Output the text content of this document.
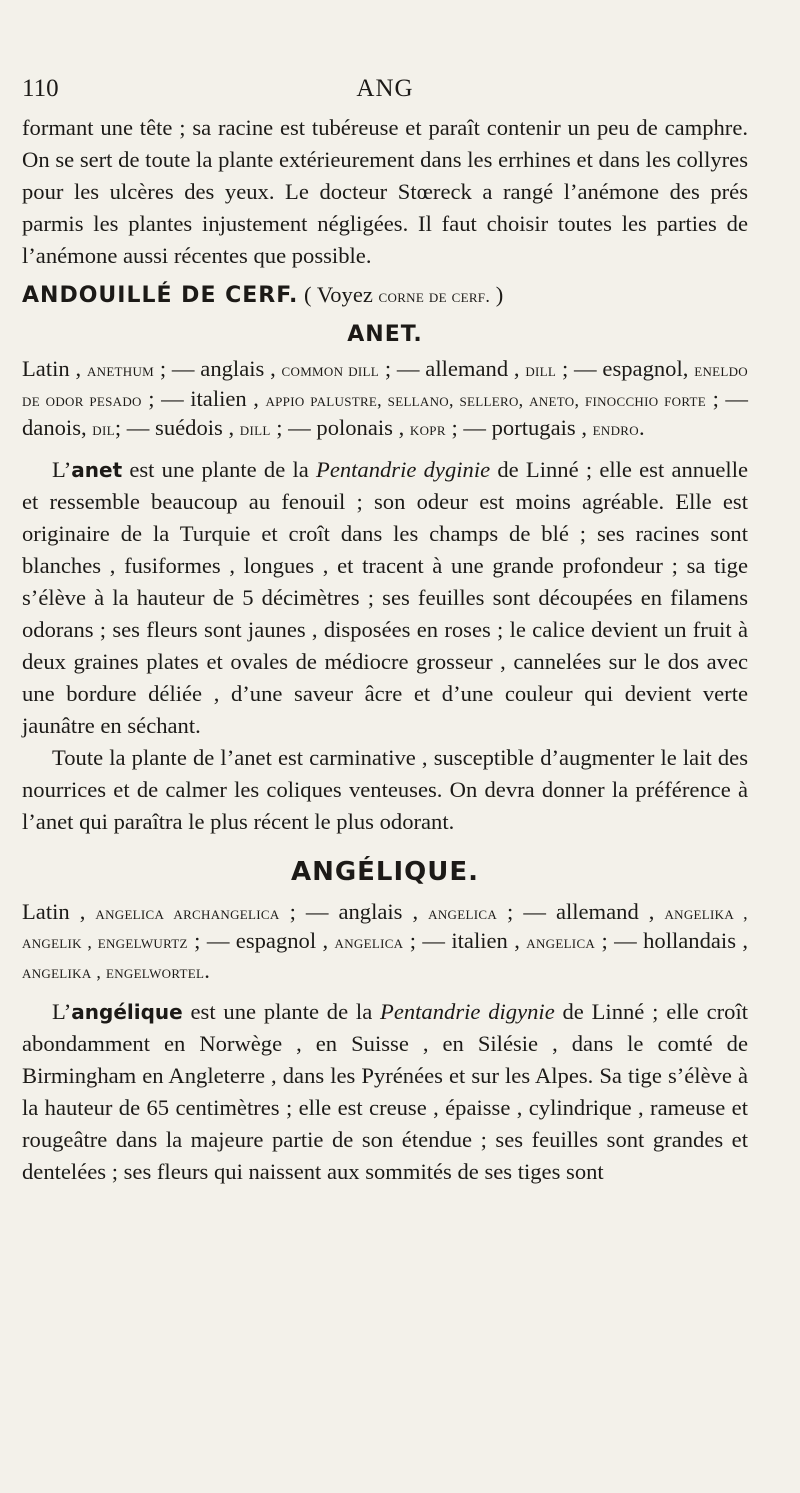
110	ANG

formant une tête ; sa racine est tubéreuse et paraît contenir un peu de camphre. On se sert de toute la plante extérieurement dans les errhines et dans les collyres pour les ulcères des yeux. Le docteur Stœreck a rangé l’anémone des prés parmis les plantes injustement négligées. Il faut choisir toutes les parties de l’anémone aussi récentes que possible.

ANDOUILLÉ DE CERF. ( Voyez corne de cerf. )

ANET.

Latin , anethum ; — anglais , common dill ; — allemand , dill ; — espagnol, eneldo de odor pesado ; — italien , appio palustre, sellano, sellero, aneto, finocchio forte ; — danois, dil; — suédois , dill ; — polonais , kopr ; — portugais , endro.

L’anet est une plante de la Pentandrie dyginie de Linné ; elle est annuelle et ressemble beaucoup au fenouil ; son odeur est moins agréable. Elle est originaire de la Turquie et croît dans les champs de blé ; ses racines sont blanches , fusiformes , longues , et tracent à une grande profondeur ; sa tige s’élève à la hauteur de 5 décimètres ; ses feuilles sont découpées en filamens odorans ; ses fleurs sont jaunes , disposées en roses ; le calice devient un fruit à deux graines plates et ovales de médiocre grosseur , cannelées sur le dos avec une bordure déliée , d’une saveur âcre et d’une couleur qui devient verte jaunâtre en séchant.

Toute la plante de l’anet est carminative , susceptible d’augmenter le lait des nourrices et de calmer les coliques venteuses. On devra donner la préférence à l’anet qui paraîtra le plus récent le plus odorant.

ANGÉLIQUE.

Latin , angelica archangelica ; — anglais , angelica ; — allemand , angelika , angelik , engelwurtz ; — espagnol , angelica ; — italien , angelica ; — hollandais , angelika , engelwortel.

L’angélique est une plante de la Pentandrie digynie de Linné ; elle croît abondamment en Norwège , en Suisse , en Silésie , dans le comté de Birmingham en Angleterre , dans les Pyrénées et sur les Alpes. Sa tige s’élève à la hauteur de 65 centimètres ; elle est creuse , épaisse , cylindrique , rameuse et rougeâtre dans la majeure partie de son étendue ; ses feuilles sont grandes et dentelées ; ses fleurs qui naissent aux sommités de ses tiges sont
